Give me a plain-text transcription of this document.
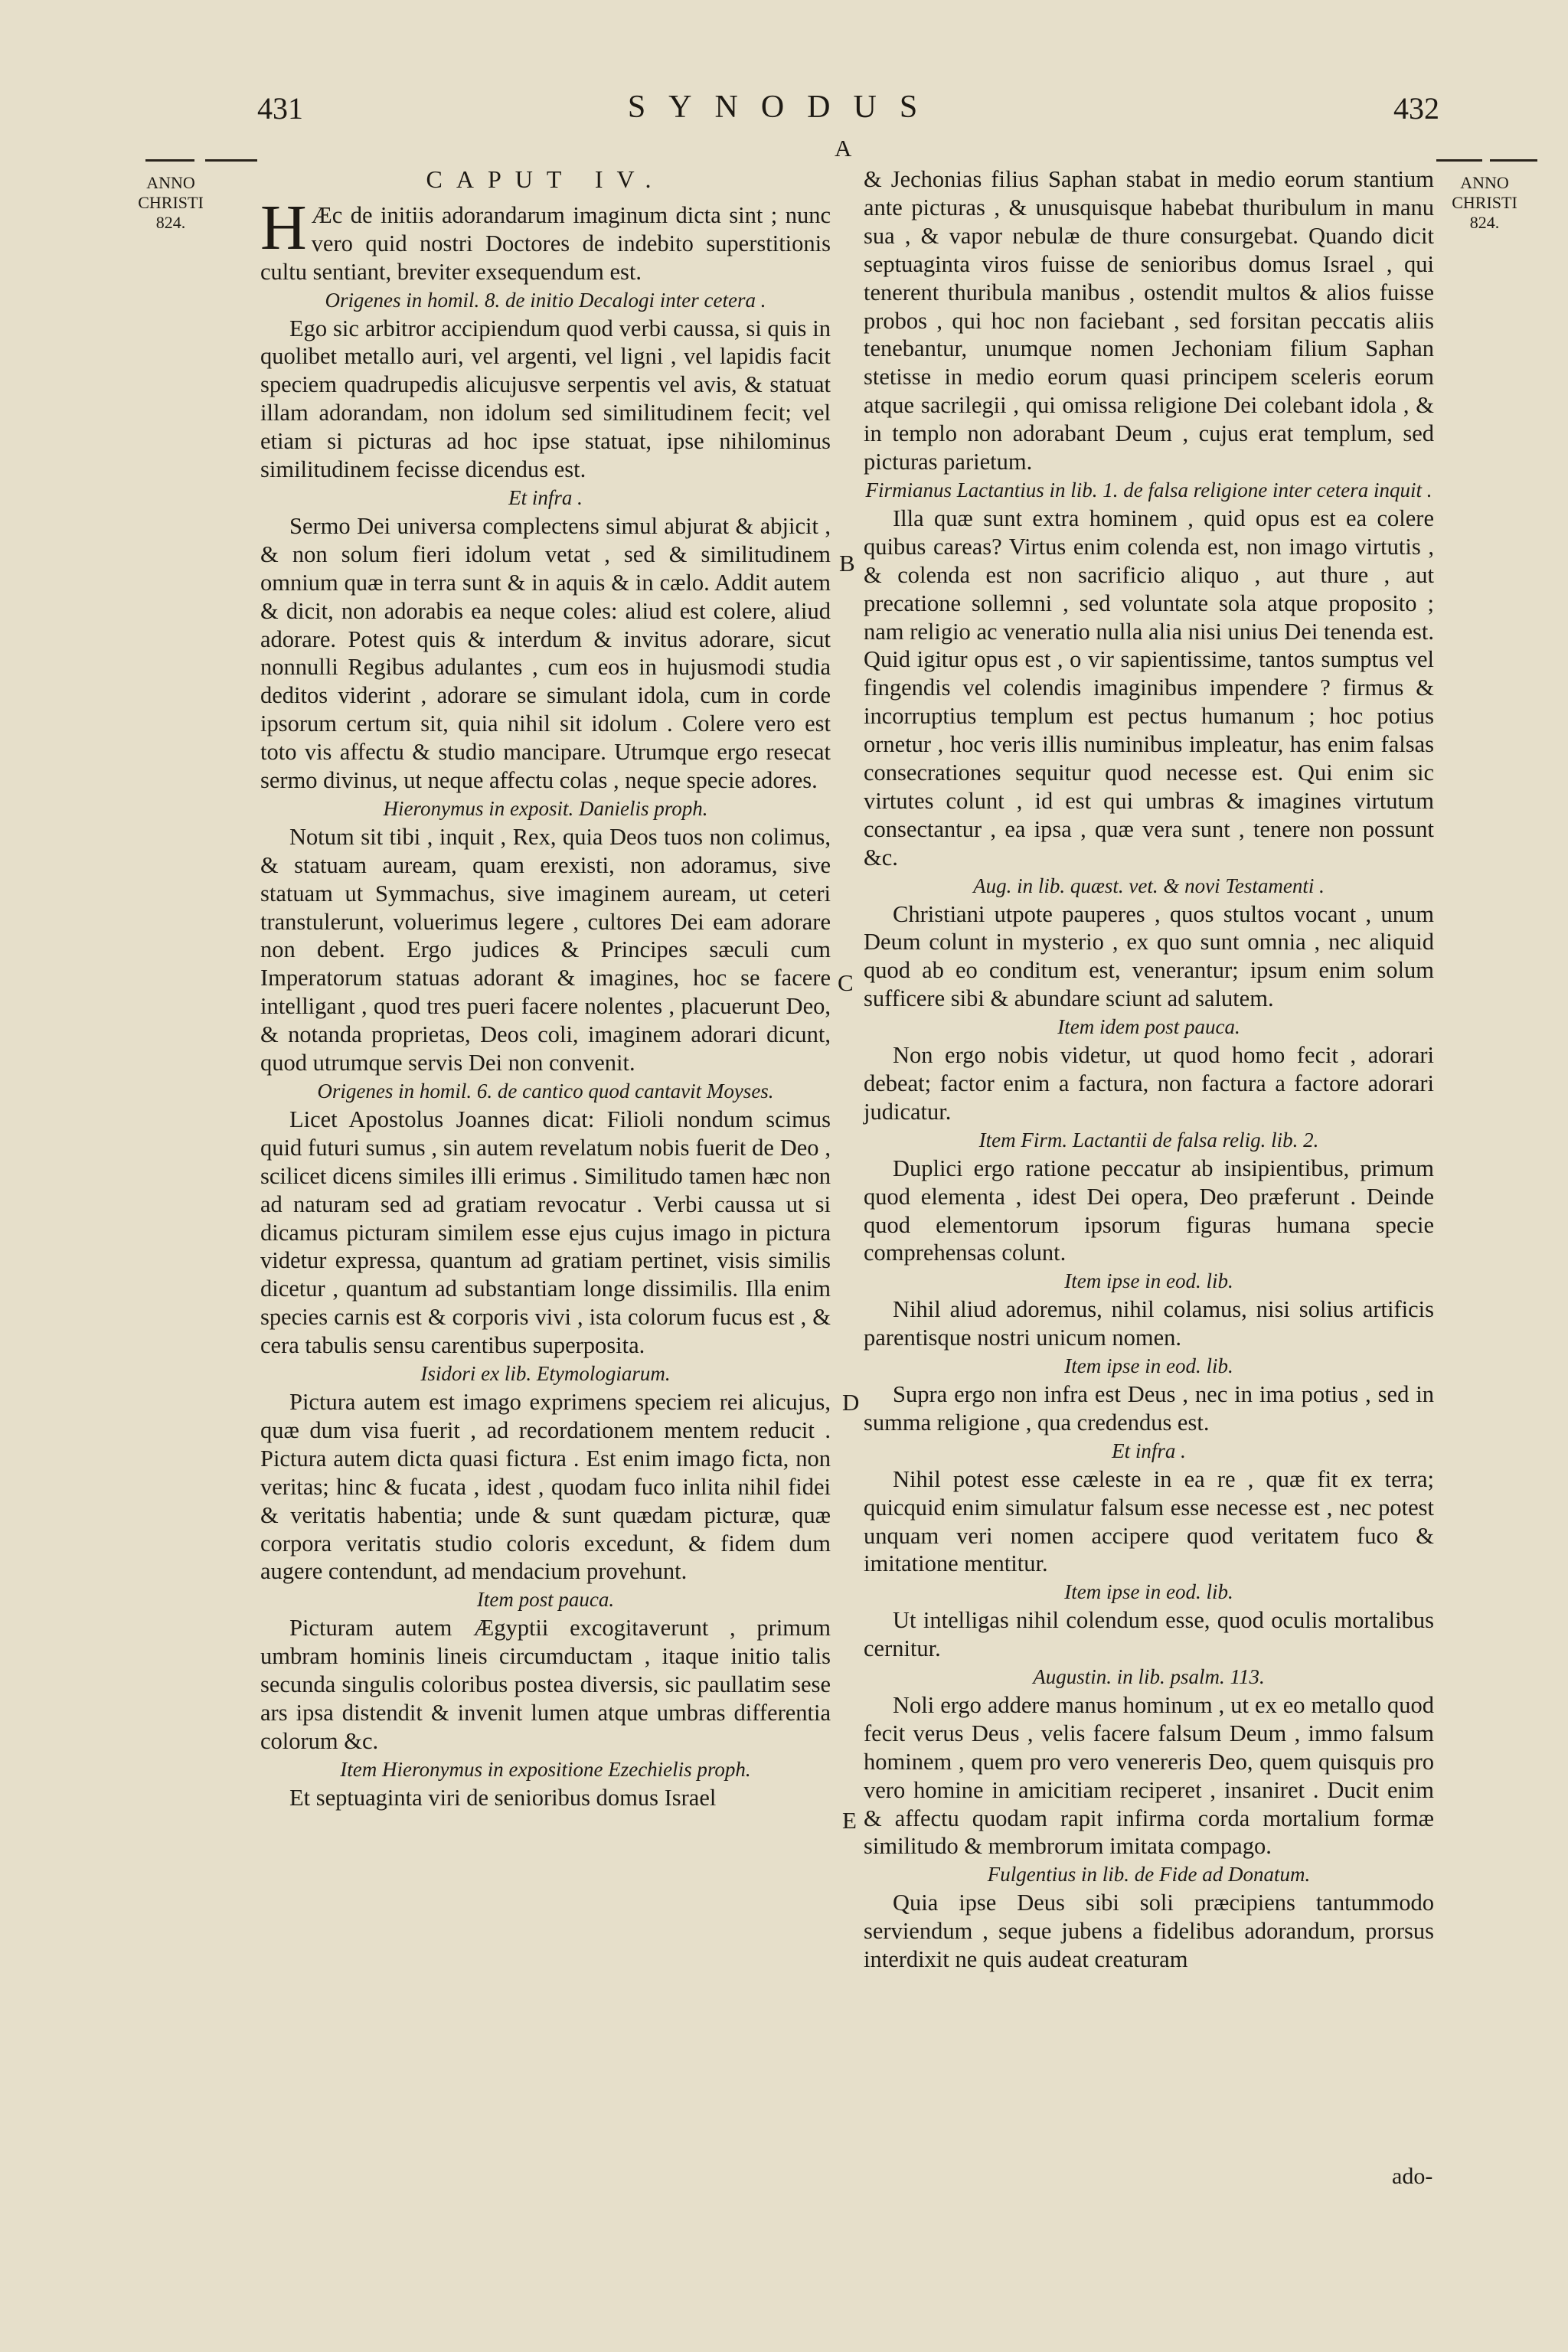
431	SYNODUS	432
ANNO
CHRISTI
824.
ANNO
CHRISTI
824.
A
B
C
D
E
CAPUT IV.

H Æc de initiis adorandarum imaginum dicta sint ; nunc vero quid nostri Doctores de indebito superstitionis cultu sentiant, breviter exsequendum est.

Origenes in homil. 8. de initio Decalogi inter cetera .

Ego sic arbitror accipiendum quod verbi caussa, si quis in quolibet metallo auri, vel argenti, vel ligni , vel lapidis facit speciem quadrupedis alicujusve serpentis vel avis, & statuat illam adorandam, non idolum sed similitudinem fecit; vel etiam si picturas ad hoc ipse statuat, ipse nihilominus similitudinem fecisse dicendus est.

Et infra .

Sermo Dei universa complectens simul abjurat & abjicit , & non solum fieri idolum vetat , sed & similitudinem omnium quæ in terra sunt & in aquis & in cælo. Addit autem & dicit, non adorabis ea neque coles: aliud est colere, aliud adorare. Potest quis & interdum & invitus adorare, sicut nonnulli Regibus adulantes , cum eos in hujusmodi studia deditos viderint , adorare se simulant idola, cum in corde ipsorum certum sit, quia nihil sit idolum . Colere vero est toto vis affectu & studio mancipare. Utrumque ergo resecat sermo divinus, ut neque affectu colas , neque specie adores.

Hieronymus in exposit. Danielis proph.

Notum sit tibi , inquit , Rex, quia Deos tuos non colimus, & statuam auream, quam erexisti, non adoramus, sive statuam ut Symmachus, sive imaginem auream, ut ceteri transtulerunt, voluerimus legere , cultores Dei eam adorare non debent. Ergo judices & Principes sæculi cum Imperatorum statuas adorant & imagines, hoc se facere intelligant , quod tres pueri facere nolentes , placuerunt Deo, & notanda proprietas, Deos coli, imaginem adorari dicunt, quod utrumque servis Dei non convenit.

Origenes in homil. 6. de cantico quod cantavit Moyses.

Licet Apostolus Joannes dicat: Filioli nondum scimus quid futuri sumus , sin autem revelatum nobis fuerit de Deo , scilicet dicens similes illi erimus . Similitudo tamen hæc non ad naturam sed ad gratiam revocatur . Verbi caussa ut si dicamus picturam similem esse ejus cujus imago in pictura videtur expressa, quantum ad gratiam pertinet, visis similis dicetur , quantum ad substantiam longe dissimilis. Illa enim species carnis est & corporis vivi , ista colorum fucus est , & cera tabulis sensu carentibus superposita.

Isidori ex lib. Etymologiarum.

Pictura autem est imago exprimens speciem rei alicujus, quæ dum visa fuerit , ad recordationem mentem reducit . Pictura autem dicta quasi fictura . Est enim imago ficta, non veritas; hinc & fucata , idest , quodam fuco inlita nihil fidei & veritatis habentia; unde & sunt quædam picturæ, quæ corpora veritatis studio coloris excedunt, & fidem dum augere contendunt, ad mendacium provehunt.

Item post pauca.

Picturam autem Ægyptii excogitaverunt , primum umbram hominis lineis circumductam , itaque initio talis secunda singulis coloribus postea diversis, sic paullatim sese ars ipsa distendit & invenit lumen atque umbras differentia colorum &c.

Item Hieronymus in expositione Ezechielis proph.

Et septuaginta viri de senioribus domus Israel

& Jechonias filius Saphan stabat in medio eorum stantium ante picturas , & unusquisque habebat thuribulum in manu sua , & vapor nebulæ de thure consurgebat. Quando dicit septuaginta viros fuisse de senioribus domus Israel , qui tenerent thuribula manibus , ostendit multos & alios fuisse probos , qui hoc non faciebant , sed forsitan peccatis aliis tenebantur, unumque nomen Jechoniam filium Saphan stetisse in medio eorum quasi principem sceleris eorum atque sacrilegii , qui omissa religione Dei colebant idola , & in templo non adorabant Deum , cujus erat templum, sed picturas parietum.

Firmianus Lactantius in lib. 1. de falsa religione inter cetera inquit .

Illa quæ sunt extra hominem , quid opus est ea colere quibus careas? Virtus enim colenda est, non imago virtutis , & colenda est non sacrificio aliquo , aut thure , aut precatione sollemni , sed voluntate sola atque proposito ; nam religio ac veneratio nulla alia nisi unius Dei tenenda est. Quid igitur opus est , o vir sapientissime, tantos sumptus vel fingendis vel colendis imaginibus impendere ? firmus & incorruptius templum est pectus humanum ; hoc potius ornetur , hoc veris illis numinibus impleatur, has enim falsas consecrationes sequitur quod necesse est. Qui enim sic virtutes colunt , id est qui umbras & imagines virtutum consectantur , ea ipsa , quæ vera sunt , tenere non possunt &c.

Aug. in lib. quæst. vet. & novi Testamenti .

Christiani utpote pauperes , quos stultos vocant , unum Deum colunt in mysterio , ex quo sunt omnia , nec aliquid quod ab eo conditum est, venerantur; ipsum enim solum sufficere sibi & abundare sciunt ad salutem.

Item idem post pauca.

Non ergo nobis videtur, ut quod homo fecit , adorari debeat; factor enim a factura, non factura a factore adorari judicatur.

Item Firm. Lactantii de falsa relig. lib. 2.

Duplici ergo ratione peccatur ab insipientibus, primum quod elementa , idest Dei opera, Deo præferunt . Deinde quod elementorum ipsorum figuras humana specie comprehensas colunt.

Item ipse in eod. lib.

Nihil aliud adoremus, nihil colamus, nisi solius artificis parentisque nostri unicum nomen.

Item ipse in eod. lib.

Supra ergo non infra est Deus , nec in ima potius , sed in summa religione , qua credendus est.

Et infra .

Nihil potest esse cæleste in ea re , quæ fit ex terra; quicquid enim simulatur falsum esse necesse est , nec potest unquam veri nomen accipere quod veritatem fuco & imitatione mentitur.

Item ipse in eod. lib.

Ut intelligas nihil colendum esse, quod oculis mortalibus cernitur.

Augustin. in lib. psalm. 113.

Noli ergo addere manus hominum , ut ex eo metallo quod fecit verus Deus , velis facere falsum Deum , immo falsum hominem , quem pro vero venereris Deo, quem quisquis pro vero homine in amicitiam reciperet , insaniret . Ducit enim & affectu quodam rapit infirma corda mortalium formæ similitudo & membrorum imitata compago.

Fulgentius in lib. de Fide ad Donatum.

Quia ipse Deus sibi soli præcipiens tantummodo serviendum , seque jubens a fidelibus adorandum, prorsus interdixit ne quis audeat creaturam

ado-
